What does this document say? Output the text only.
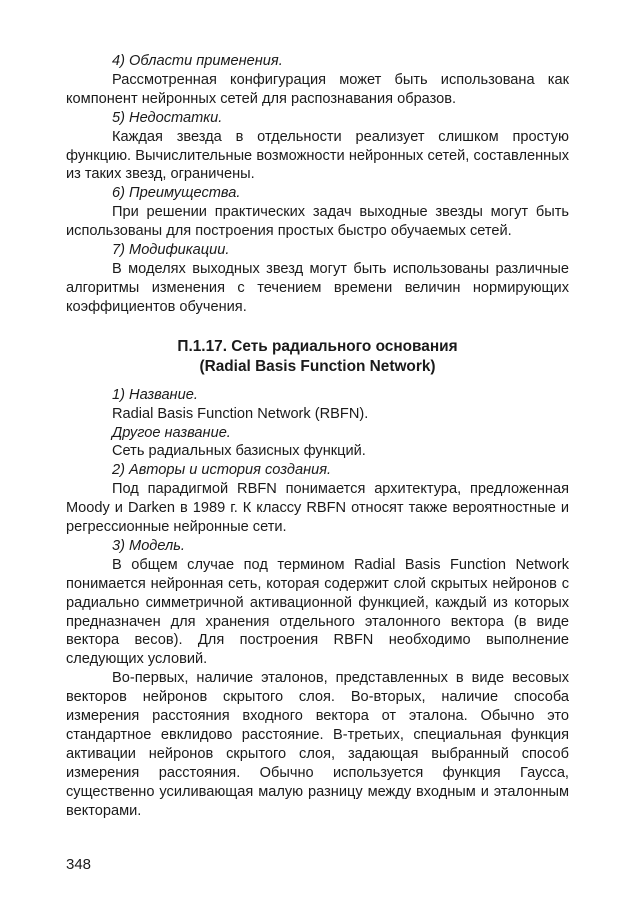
4) Области применения.

Рассмотренная конфигурация может быть использована как компонент нейронных сетей для распознавания образов.

5) Недостатки.

Каждая звезда в отдельности реализует слишком простую функцию. Вычислительные возможности нейронных сетей, составленных из таких звезд, ограничены.

6) Преимущества.

При решении практических задач выходные звезды могут быть использованы для построения простых быстро обучаемых сетей.

7) Модификации.

В моделях выходных звезд могут быть использованы различные алгоритмы изменения с течением времени величин нормирующих коэффициентов обучения.

П.1.17. Сеть радиального основания
(Radial Basis Function Network)

1) Название.

Radial Basis Function Network (RBFN).

Другое название.

Сеть радиальных базисных функций.

2) Авторы и история создания.

Под парадигмой RBFN понимается архитектура, предложенная Moody и Darken в 1989 г. К классу RBFN относят также вероятностные и регрессионные нейронные сети.

3) Модель.

В общем случае под термином Radial Basis Function Network понимается нейронная сеть, которая содержит слой скрытых нейронов с радиально симметричной активационной функцией, каждый из которых предназначен для хранения отдельного эталонного вектора (в виде вектора весов). Для построения RBFN необходимо выполнение следующих условий.

Во-первых, наличие эталонов, представленных в виде весовых векторов нейронов скрытого слоя. Во-вторых, наличие способа измерения расстояния входного вектора от эталона. Обычно это стандартное евклидово расстояние. В-третьих, специальная функция активации нейронов скрытого слоя, задающая выбранный способ измерения расстояния. Обычно используется функция Гаусса, существенно усиливающая малую разницу между входным и эталонным векторами.

348
